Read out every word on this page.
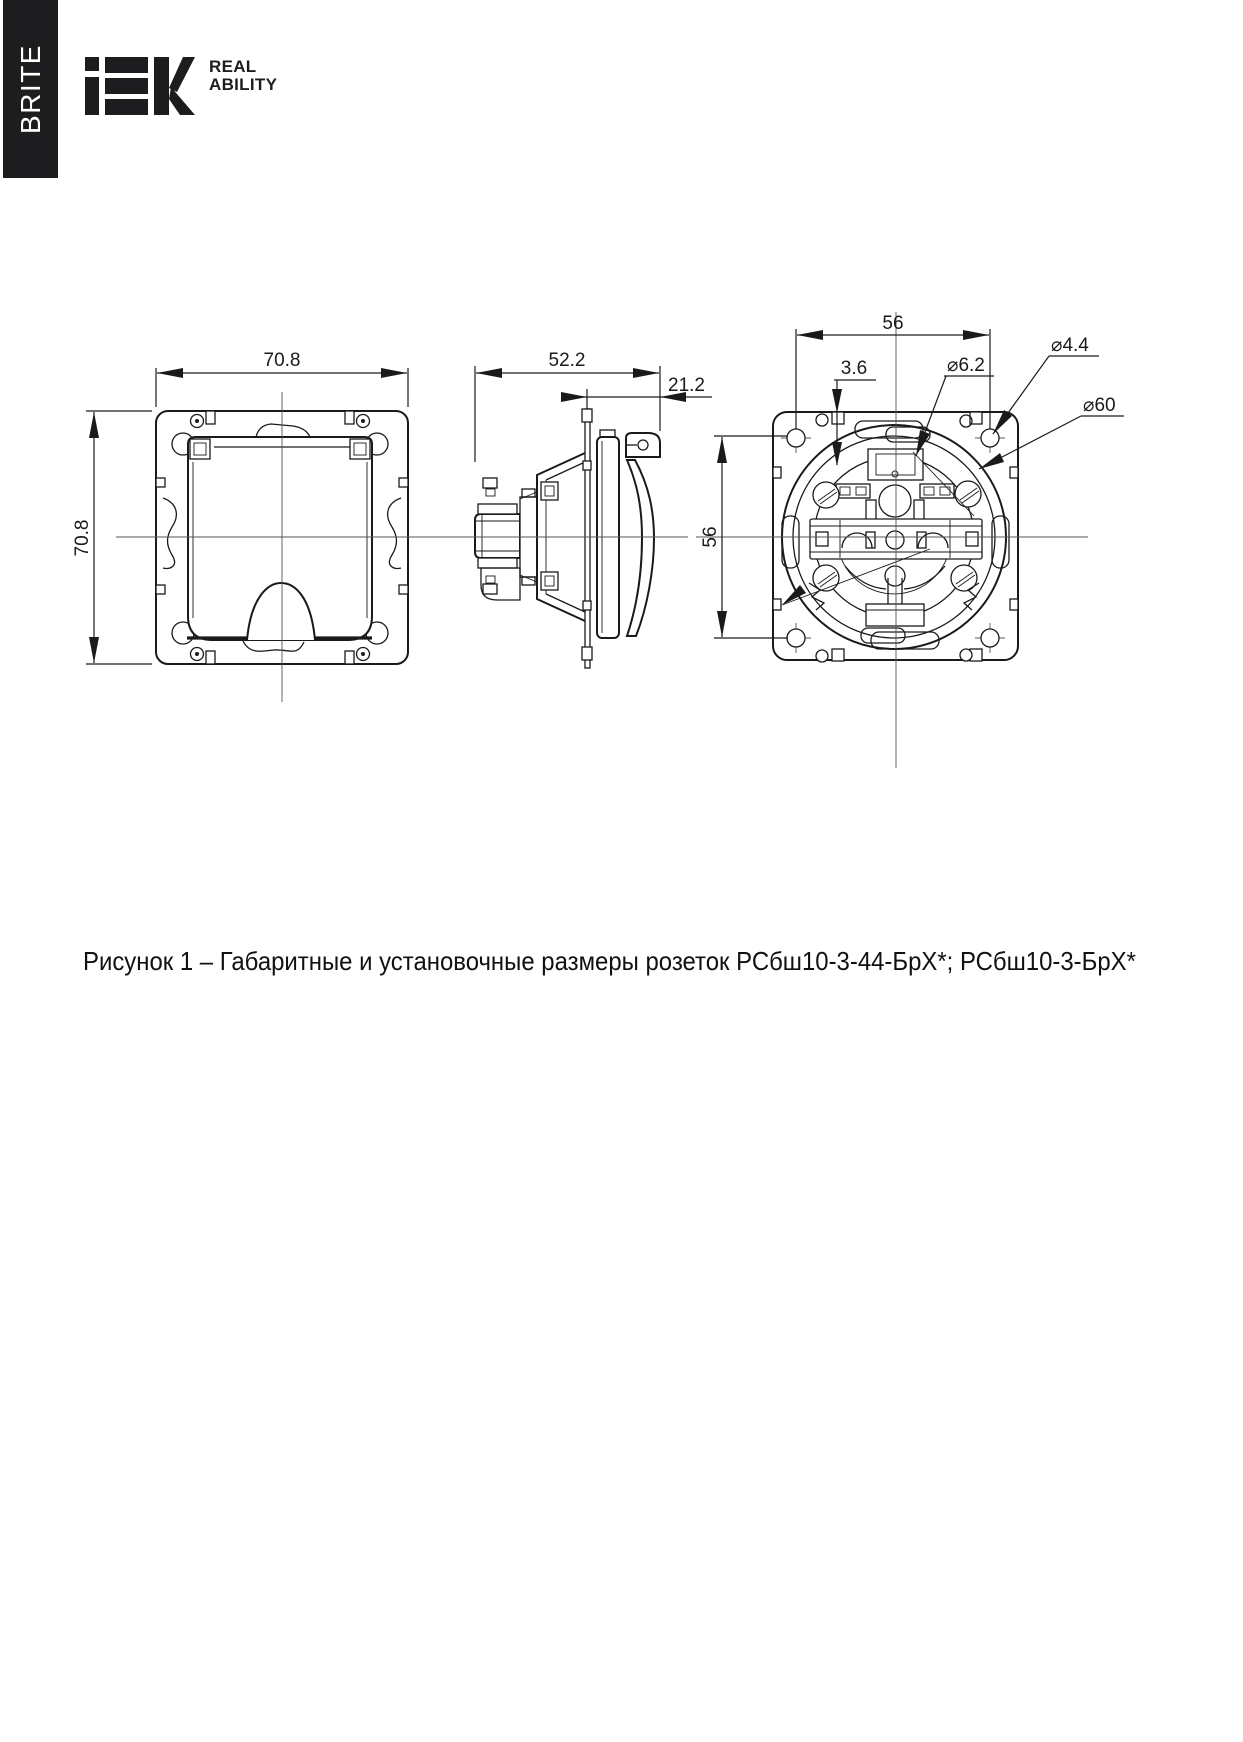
BRITE	REAL
ABILITY
70.8
70.8
52.2
21.2
56
56
3.6	⌀6.2
⌀4.4
⌀60
Рисунок 1 – Габаритные и установочные размеры розеток РСбш10-3-44-БрХ*; РСбш10-3-БрХ*
